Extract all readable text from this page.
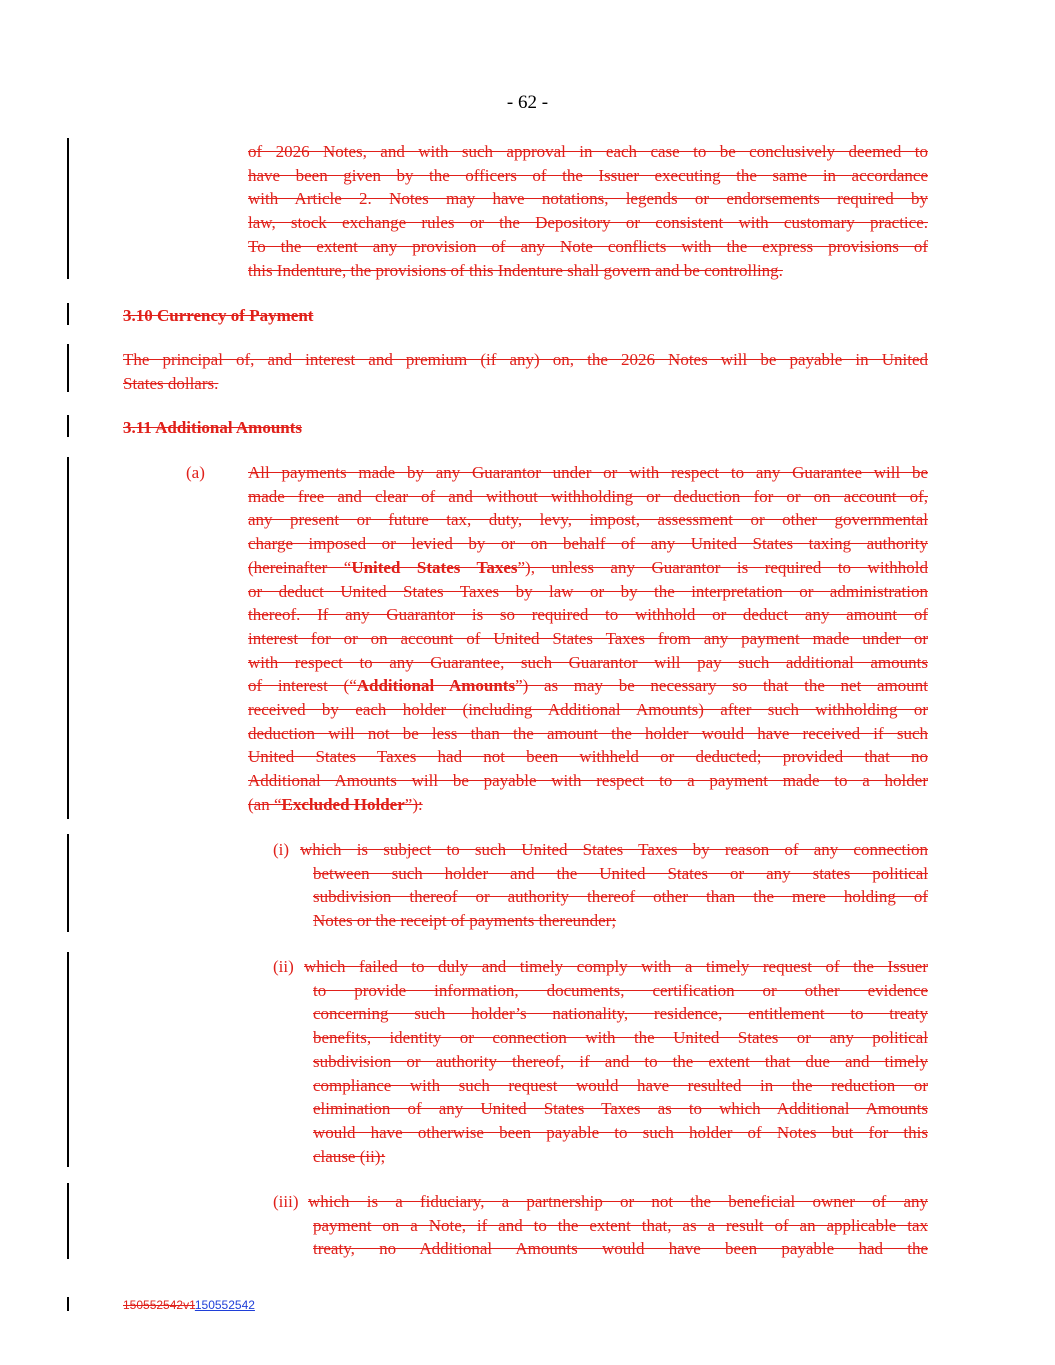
- 62 -
of 2026 Notes, and with such approval in each case to be conclusively deemed to
have been given by the officers of the Issuer executing the same in accordance
with Article 2. Notes may have notations, legends or endorsements required by
law, stock exchange rules or the Depository or consistent with customary practice.
To the extent any provision of any Note conflicts with the express provisions of
this Indenture, the provisions of this Indenture shall govern and be controlling.
3.10 Currency of Payment
The principal of, and interest and premium (if any) on, the 2026 Notes will be payable in United
States dollars.
3.11 Additional Amounts
(a)	All payments made by any Guarantor under or with respect to any Guarantee will be
made free and clear of and without withholding or deduction for or on account of,
any present or future tax, duty, levy, impost, assessment or other governmental
charge imposed or levied by or on behalf of any United States taxing authority
(hereinafter “United States Taxes”), unless any Guarantor is required to withhold
or deduct United States Taxes by law or by the interpretation or administration
thereof. If any Guarantor is so required to withhold or deduct any amount of
interest for or on account of United States Taxes from any payment made under or
with respect to any Guarantee, such Guarantor will pay such additional amounts
of interest (“Additional Amounts”) as may be necessary so that the net amount
received by each holder (including Additional Amounts) after such withholding or
deduction will not be less than the amount the holder would have received if such
United States Taxes had not been withheld or deducted; provided that no
Additional Amounts will be payable with respect to a payment made to a holder
(an “Excluded Holder”):
(i) which is subject to such United States Taxes by reason of any connection
between such holder and the United States or any states political
subdivision thereof or authority thereof other than the mere holding of
Notes or the receipt of payments thereunder;
(ii) which failed to duly and timely comply with a timely request of the Issuer
to provide information, documents, certification or other evidence
concerning such holder’s nationality, residence, entitlement to treaty
benefits, identity or connection with the United States or any political
subdivision or authority thereof, if and to the extent that due and timely
compliance with such request would have resulted in the reduction or
elimination of any United States Taxes as to which Additional Amounts
would have otherwise been payable to such holder of Notes but for this
clause (ii);
(iii) which is a fiduciary, a partnership or not the beneficial owner of any
payment on a Note, if and to the extent that, as a result of an applicable tax
treaty, no Additional Amounts would have been payable had the
150552542v1150552542
